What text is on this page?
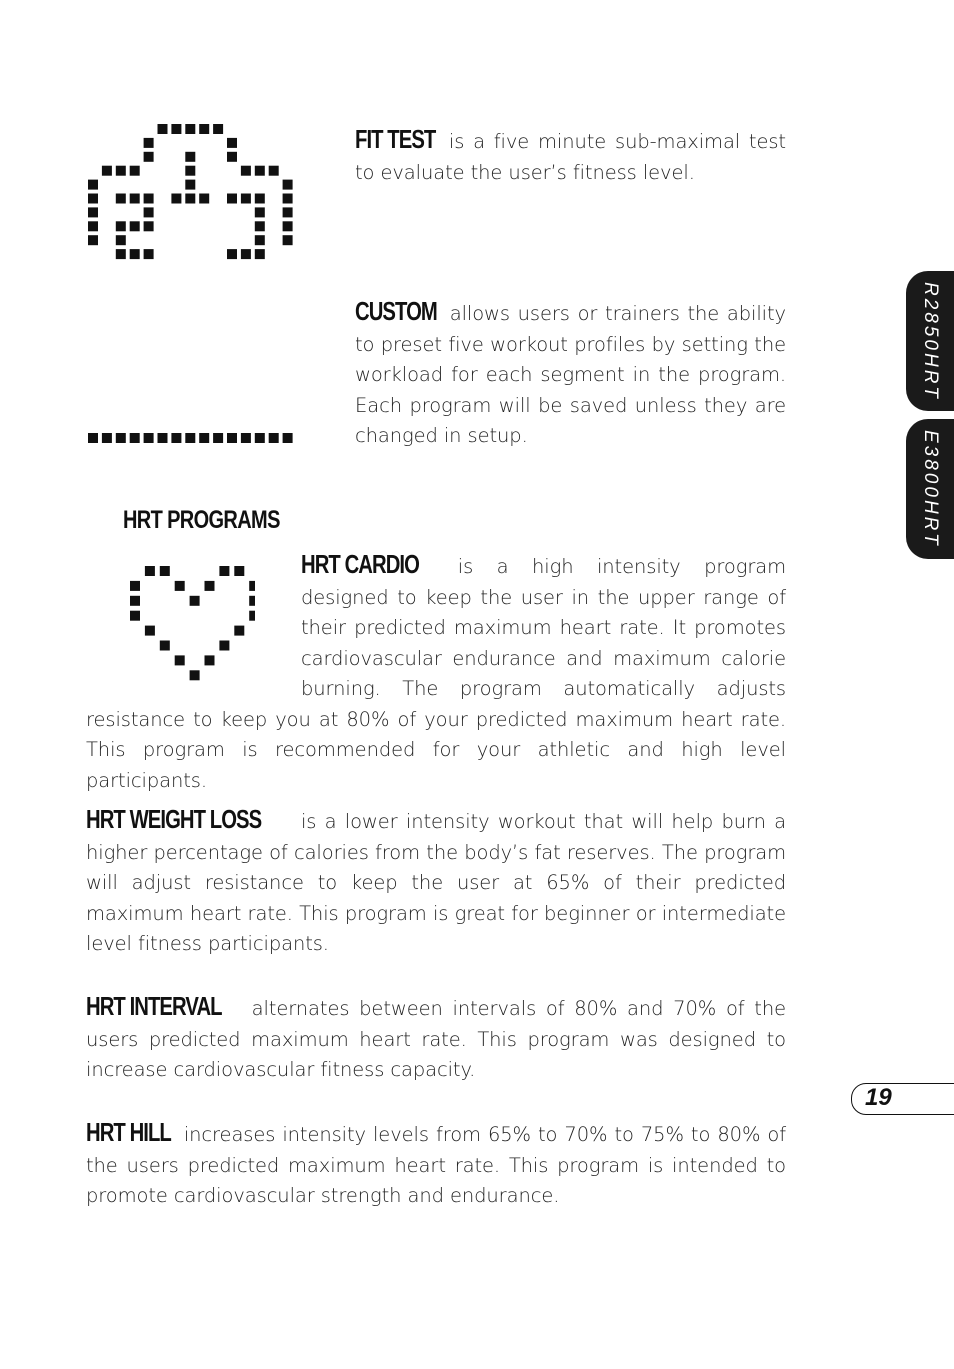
FIT TEST is a five minute sub-maximal test to evaluate the user’s fitness level.
CUSTOM allows users or trainers the ability to preset five workout profiles by setting the workload for each segment in the program. Each program will be saved unless they are changed in setup.
HRT PROGRAMS
HRT CARDIO is a high intensity program designed to keep the user in the upper range of their predicted maximum heart rate. It promotes cardiovascular endurance and maximum calorie burning. The program automatically adjusts resistance to keep you at 80% of your predicted maximum heart rate. This program is recommended for your athletic and high level participants.
HRT WEIGHT LOSS is a lower intensity workout that will help burn a higher percentage of calories from the body’s fat reserves. The program will adjust resistance to keep the user at 65% of their predicted maximum heart rate. This program is great for beginner or intermediate level fitness participants.
HRT INTERVAL alternates between intervals of 80% and 70% of the users predicted maximum heart rate. This program was designed to increase cardiovascular fitness capacity.
HRT HILL increases intensity levels from 65% to 70% to 75% to 80% of the users predicted maximum heart rate. This program is intended to promote cardiovascular strength and endurance.
R2850HRT
E3800HRT
19
